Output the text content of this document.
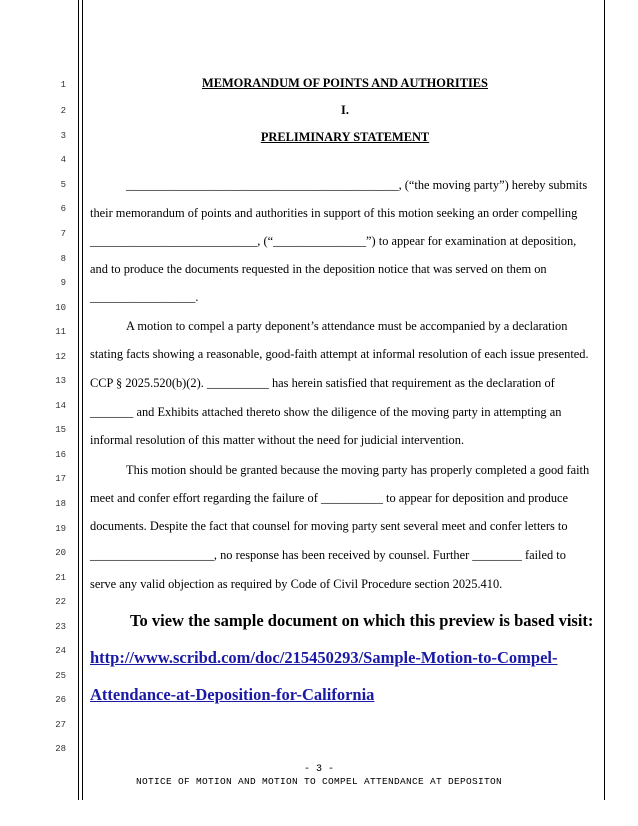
1
2
3
4
5
6
7
8
9
10
11
12
13
14
15
16
17
18
19
20
21
22
23
24
25
26
27
28
MEMORANDUM OF POINTS AND AUTHORITIES
I.
PRELIMINARY STATEMENT
____________________________________________, (“the moving party”) hereby submits
their memorandum of points and authorities in support of this motion seeking an order compelling
___________________________, (“_______________”) to appear for examination at deposition,
and to produce the documents requested in the deposition notice that was served on them on
_________________.
A motion to compel a party deponent’s attendance must be accompanied by a declaration
stating facts showing a reasonable, good-faith attempt at informal resolution of each issue presented.
CCP § 2025.520(b)(2). __________ has herein satisfied that requirement as the declaration of
_______ and Exhibits attached thereto show the diligence of the moving party in attempting an
informal resolution of this matter without the need for judicial intervention.
This motion should be granted because the moving party has properly completed a good faith
meet and confer effort regarding the failure of __________ to appear for deposition and produce
documents. Despite the fact that counsel for moving party sent several meet and confer letters to
____________________, no response has been received by counsel. Further ________ failed to
serve any valid objection as required by Code of Civil Procedure section 2025.410.
To view the sample document on which this preview is based visit:
http://www.scribd.com/doc/215450293/Sample-Motion-to-Compel-
Attendance-at-Deposition-for-California
- 3 -
NOTICE OF MOTION AND MOTION TO COMPEL ATTENDANCE AT DEPOSITON
